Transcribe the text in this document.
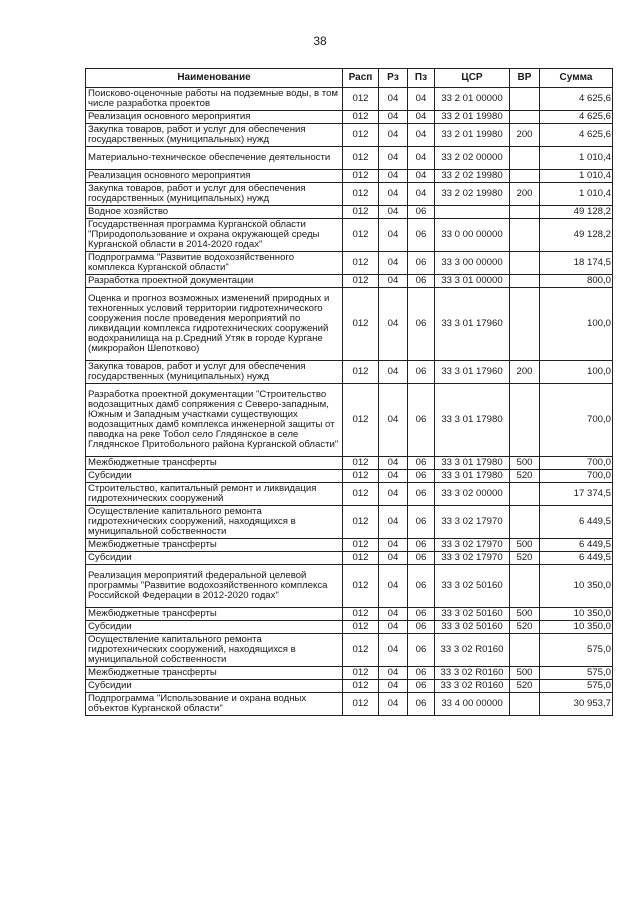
38
Наименование	Расп	Рз	Пз	ЦСР	ВР	Сумма
Поисково-оценочные работы на подземные воды, в том числе разработка проектов	012	04	04	33 2 01 00000		4 625,6
Реализация основного мероприятия	012	04	04	33 2 01 19980		4 625,6
Закупка товаров, работ и услуг для обеспечения государственных (муниципальных) нужд	012	04	04	33 2 01 19980	200	4 625,6
Материально-техническое обеспечение деятельности	012	04	04	33 2 02 00000		1 010,4
Реализация основного мероприятия	012	04	04	33 2 02 19980		1 010,4
Закупка товаров, работ и услуг для обеспечения государственных (муниципальных) нужд	012	04	04	33 2 02 19980	200	1 010,4
Водное хозяйство	012	04	06			49 128,2
Государственная программа Курганской области "Природопользование и охрана окружающей среды Курганской области в 2014-2020 годах"	012	04	06	33 0 00 00000		49 128,2
Подпрограмма "Развитие водохозяйственного комплекса Курганской области"	012	04	06	33 3 00 00000		18 174,5
Разработка проектной документации	012	04	06	33 3 01 00000		800,0
Оценка и прогноз возможных изменений природных и техногенных условий территории гидротехнического сооружения после проведения мероприятий по ликвидации комплекса гидротехнических сооружений водохранилища на р.Средний Утяк в городе Кургане (микрорайон Шепотково)	012	04	06	33 3 01 17960		100,0
Закупка товаров, работ и услуг для обеспечения государственных (муниципальных) нужд	012	04	06	33 3 01 17960	200	100,0
Разработка проектной документации "Строительство водозащитных дамб сопряжения с Северо-западным, Южным и Западным участками существующих водозащитных дамб комплекса инженерной защиты от паводка на реке Тобол село Глядянское в селе Глядянское Притобольного района Курганской области"	012	04	06	33 3 01 17980		700,0
Межбюджетные трансферты	012	04	06	33 3 01 17980	500	700,0
Субсидии	012	04	06	33 3 01 17980	520	700,0
Строительство, капитальный ремонт и ликвидация гидротехнических сооружений	012	04	06	33 3 02 00000		17 374,5
Осуществление капитального ремонта гидротехнических сооружений, находящихся в муниципальной собственности	012	04	06	33 3 02 17970		6 449,5
Межбюджетные трансферты	012	04	06	33 3 02 17970	500	6 449,5
Субсидии	012	04	06	33 3 02 17970	520	6 449,5
Реализация мероприятий федеральной целевой программы "Развитие водохозяйственного комплекса Российской Федерации в 2012-2020 годах"	012	04	06	33 3 02 50160		10 350,0
Межбюджетные трансферты	012	04	06	33 3 02 50160	500	10 350,0
Субсидии	012	04	06	33 3 02 50160	520	10 350,0
Осуществление капитального ремонта гидротехнических сооружений, находящихся в муниципальной собственности	012	04	06	33 3 02 R0160		575,0
Межбюджетные трансферты	012	04	06	33 3 02 R0160	500	575,0
Субсидии	012	04	06	33 3 02 R0160	520	575,0
Подпрограмма "Использование и охрана водных объектов Курганской области"	012	04	06	33 4 00 00000		30 953,7
